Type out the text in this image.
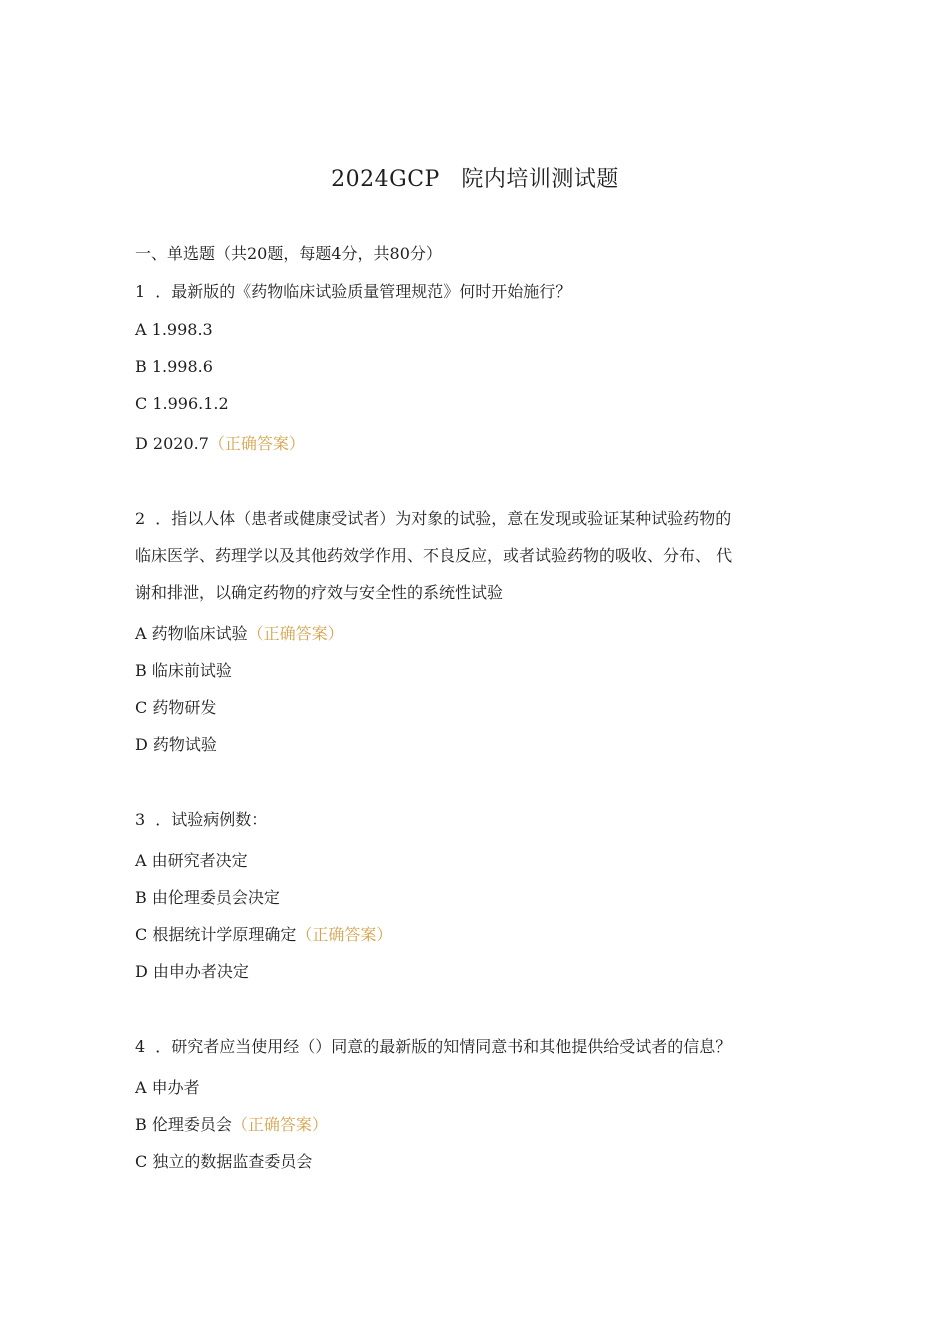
2024GCP 院内培训测试题
一、单选题（共20题，每题4分，共80分）
1 ．最新版的《药物临床试验质量管理规范》何时开始施行？
A 1.998.3
B 1.998.6
C 1.996.1.2
D 2020.7（正确答案）
2 ．指以人体（患者或健康受试者）为对象的试验，意在发现或验证某种试验药物的
临床医学、药理学以及其他药效学作用、不良反应，或者试验药物的吸收、分布、 代
谢和排泄，以确定药物的疗效与安全性的系统性试验
A 药物临床试验（正确答案）
B 临床前试验
C 药物研发
D 药物试验
3 ．试验病例数：
A 由研究者决定
B 由伦理委员会决定
C 根据统计学原理确定（正确答案）
D 由申办者决定
4 ．研究者应当使用经（）同意的最新版的知情同意书和其他提供给受试者的信息？
A 申办者
B 伦理委员会（正确答案）
C 独立的数据监查委员会
